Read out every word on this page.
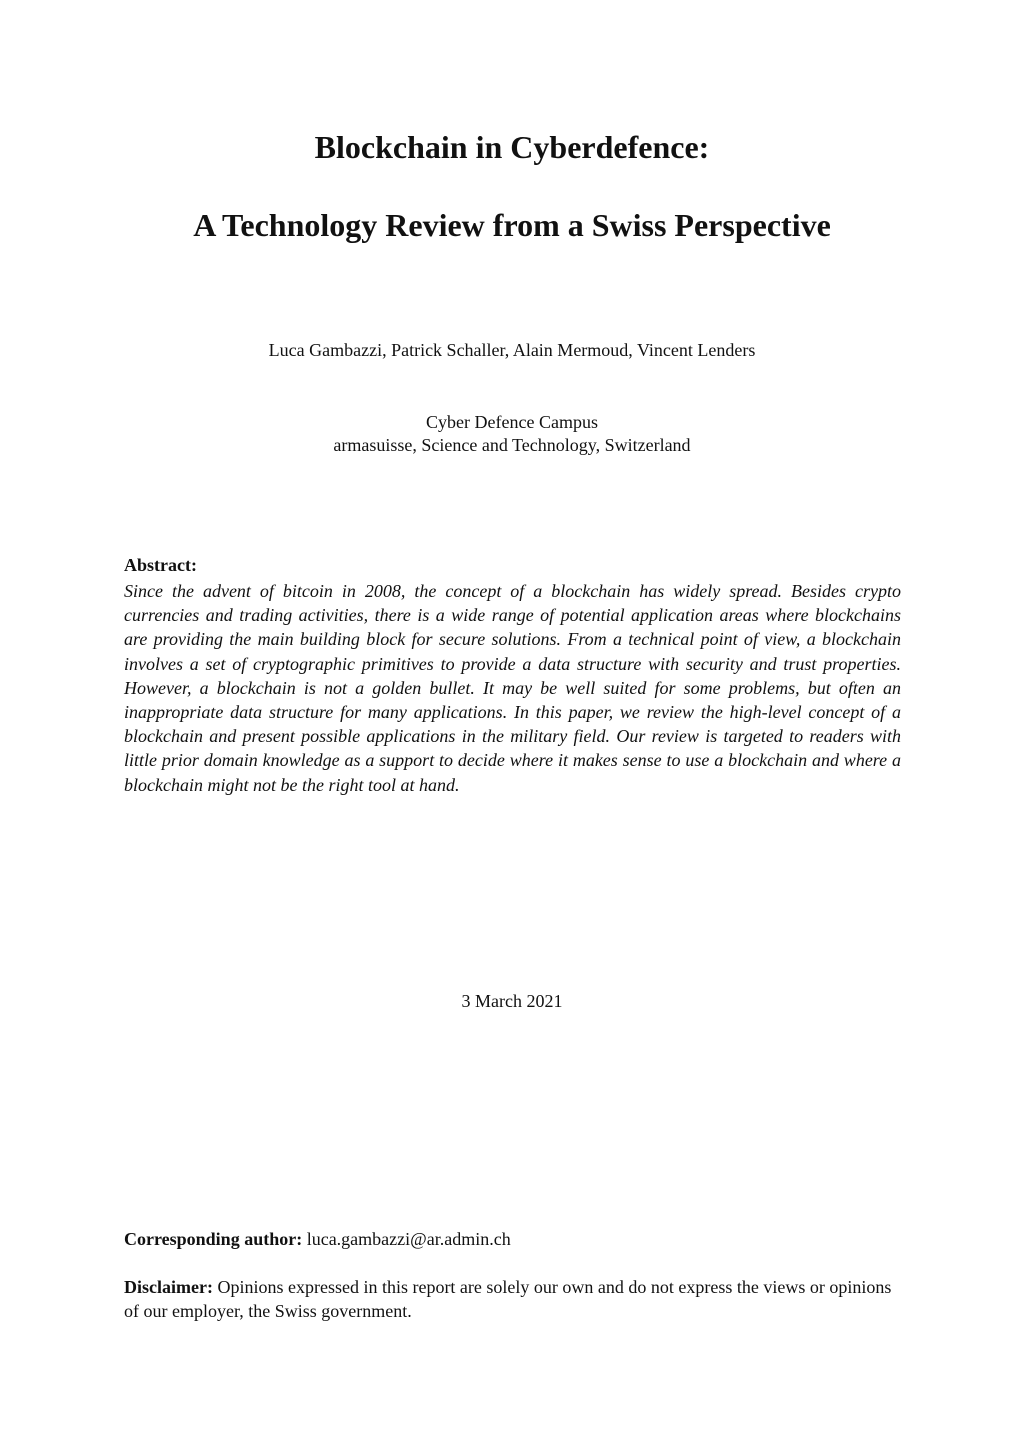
Blockchain in Cyberdefence:
A Technology Review from a Swiss Perspective
Luca Gambazzi, Patrick Schaller, Alain Mermoud, Vincent Lenders
Cyber Defence Campus
armasuisse, Science and Technology, Switzerland
Abstract:
Since the advent of bitcoin in 2008, the concept of a blockchain has widely spread. Besides crypto currencies and trading activities, there is a wide range of potential application areas where blockchains are providing the main building block for secure solutions. From a technical point of view, a blockchain involves a set of cryptographic primitives to provide a data structure with security and trust properties. However, a blockchain is not a golden bullet. It may be well suited for some problems, but often an inappropriate data structure for many applications. In this paper, we review the high-level concept of a blockchain and present possible applications in the military field. Our review is targeted to readers with little prior domain knowledge as a support to decide where it makes sense to use a blockchain and where a blockchain might not be the right tool at hand.
3 March 2021
Corresponding author: luca.gambazzi@ar.admin.ch
Disclaimer: Opinions expressed in this report are solely our own and do not express the views or opinions of our employer, the Swiss government.
